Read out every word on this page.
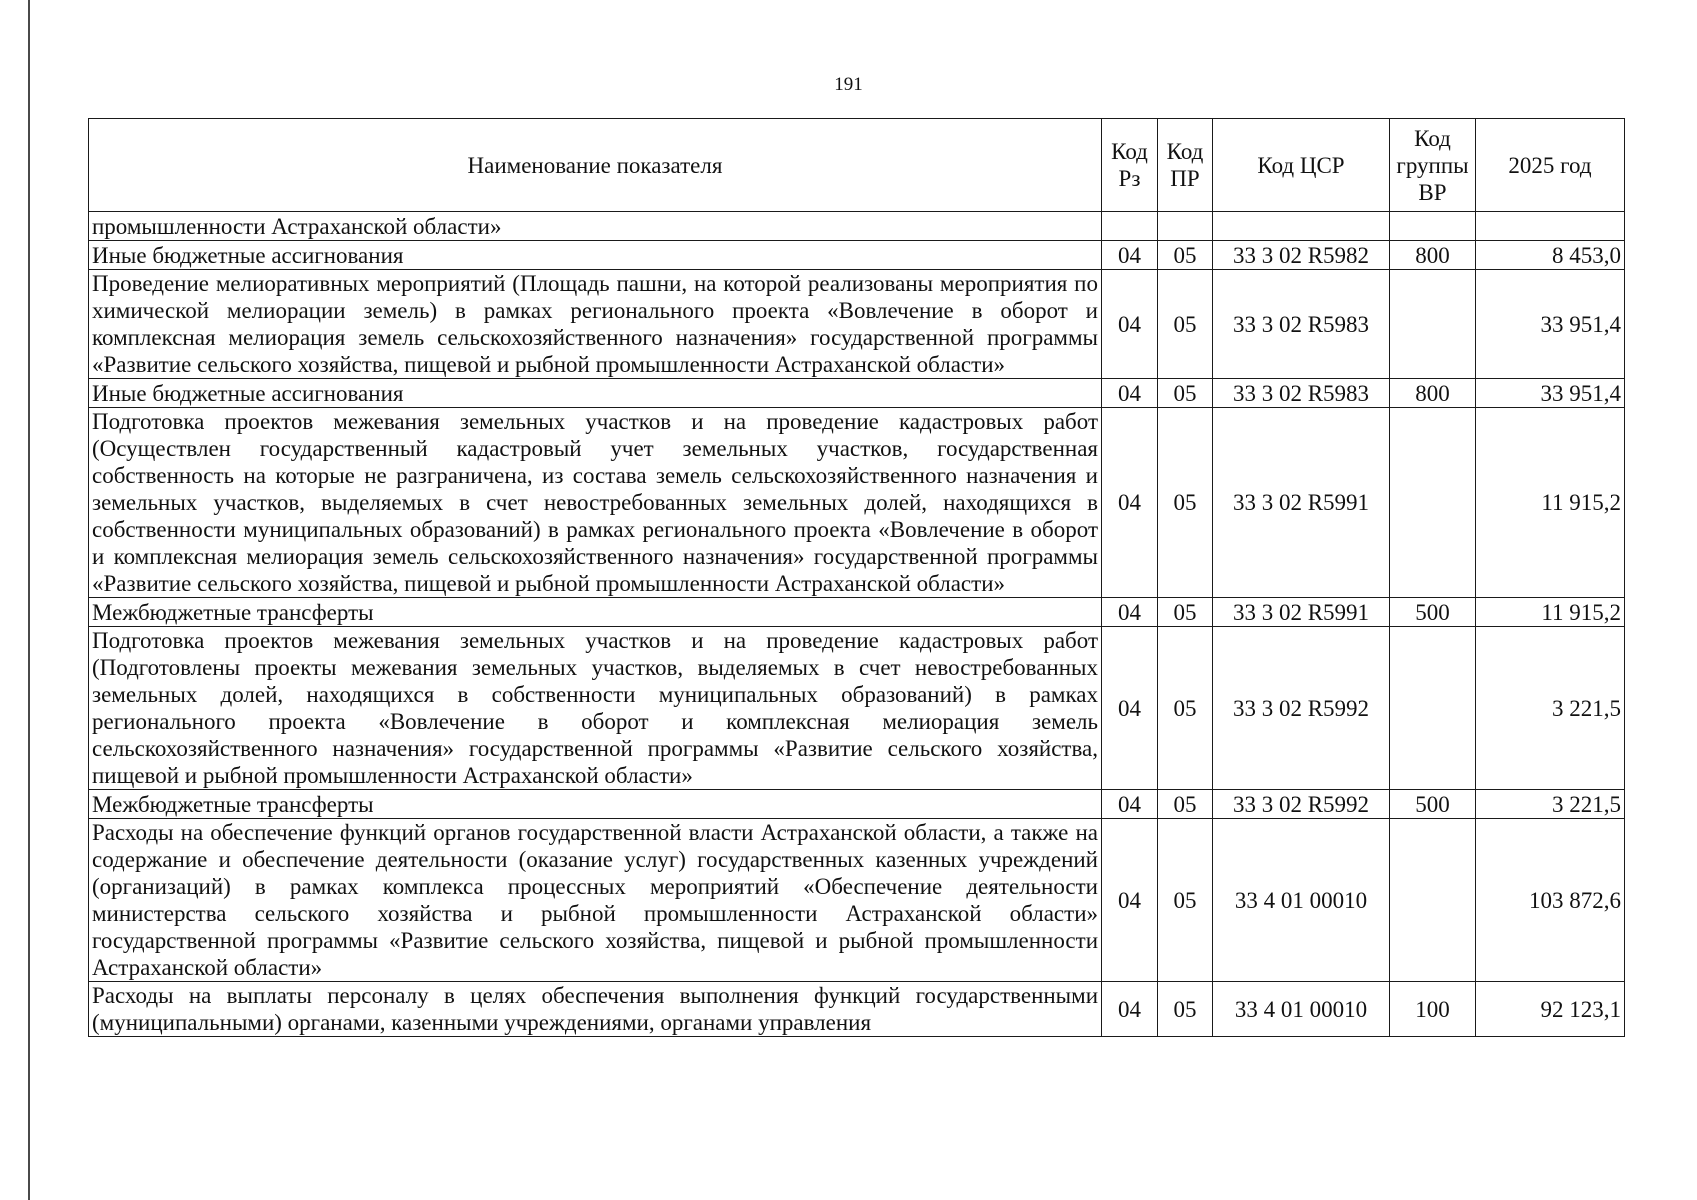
191
Наименование показателя	Код Рз	Код ПР	Код ЦСР	Код группы ВР	2025 год
промышленности Астраханской области»					
Иные бюджетные ассигнования	04	05	33 3 02 R5982	800	8 453,0
Проведение мелиоративных мероприятий (Площадь пашни, на которой реализованы мероприятия по химической мелиорации земель) в рамках регионального проекта «Вовлечение в оборот и комплексная мелиорация земель сельскохозяйственного назначения» государственной программы «Развитие сельского хозяйства, пищевой и рыбной промышленности Астраханской области»	04	05	33 3 02 R5983		33 951,4
Иные бюджетные ассигнования	04	05	33 3 02 R5983	800	33 951,4
Подготовка проектов межевания земельных участков и на проведение кадастровых работ (Осуществлен государственный кадастровый учет земельных участков, государственная собственность на которые не разграничена, из состава земель сельскохозяйственного назначения и земельных участков, выделяемых в счет невостребованных земельных долей, находящихся в собственности муниципальных образований) в рамках регионального проекта «Вовлечение в оборот и комплексная мелиорация земель сельскохозяйственного назначения» государственной программы «Развитие сельского хозяйства, пищевой и рыбной промышленности Астраханской области»	04	05	33 3 02 R5991		11 915,2
Межбюджетные трансферты	04	05	33 3 02 R5991	500	11 915,2
Подготовка проектов межевания земельных участков и на проведение кадастровых работ (Подготовлены проекты межевания земельных участков, выделяемых в счет невостребованных земельных долей, находящихся в собственности муниципальных образований) в рамках регионального проекта «Вовлечение в оборот и комплексная мелиорация земель сельскохозяйственного назначения» государственной программы «Развитие сельского хозяйства, пищевой и рыбной промышленности Астраханской области»	04	05	33 3 02 R5992		3 221,5
Межбюджетные трансферты	04	05	33 3 02 R5992	500	3 221,5
Расходы на обеспечение функций органов государственной власти Астраханской области, а также на содержание и обеспечение деятельности (оказание услуг) государственных казенных учреждений (организаций) в рамках комплекса процессных мероприятий «Обеспечение деятельности министерства сельского хозяйства и рыбной промышленности Астраханской области» государственной программы «Развитие сельского хозяйства, пищевой и рыбной промышленности Астраханской области»	04	05	33 4 01 00010		103 872,6
Расходы на выплаты персоналу в целях обеспечения выполнения функций государственными (муниципальными) органами, казенными учреждениями, органами управления	04	05	33 4 01 00010	100	92 123,1
